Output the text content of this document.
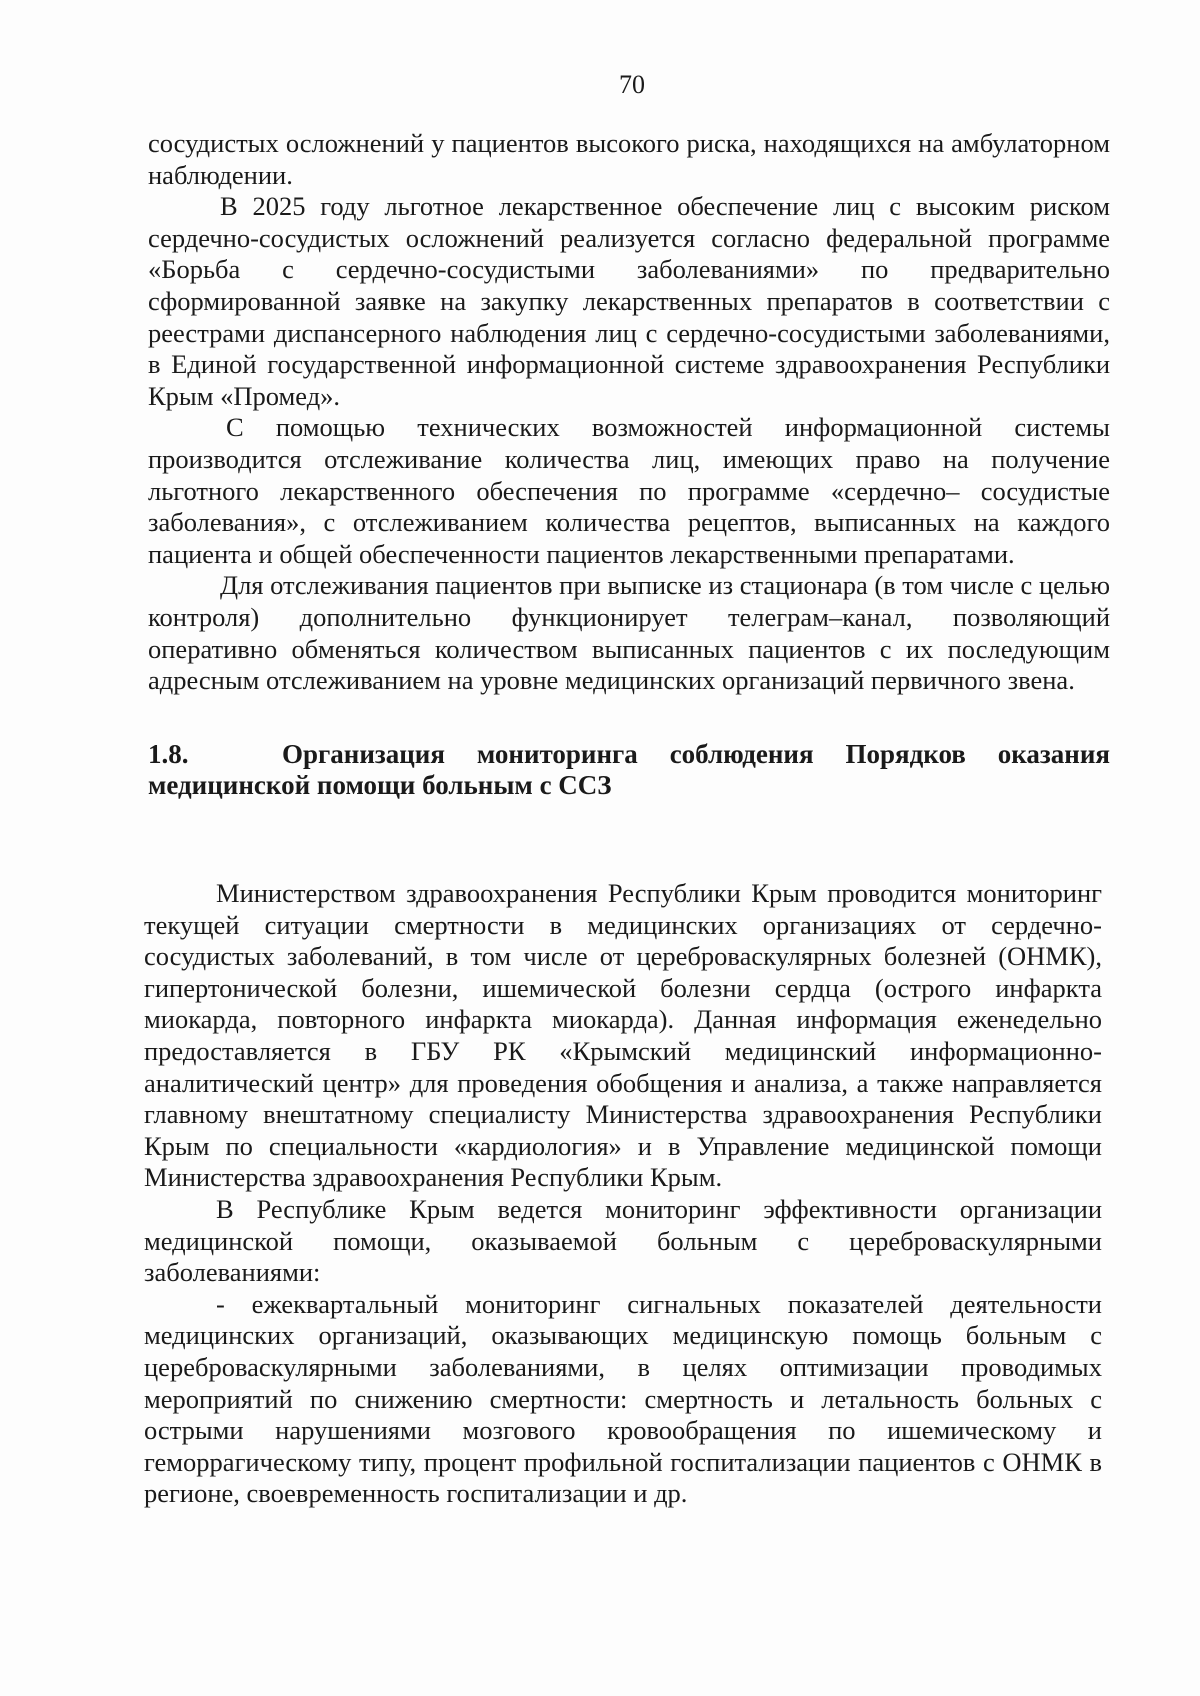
70

сосудистых осложнений у пациентов высокого риска, находящихся на амбулаторном наблюдении.

В 2025 году льготное лекарственное обеспечение лиц с высоким риском сердечно-сосудистых осложнений реализуется согласно федеральной программе «Борьба с сердечно-сосудистыми заболеваниями» по предварительно сформированной заявке на закупку лекарственных препаратов в соответствии с реестрами диспансерного наблюдения лиц с сердечно-сосудистыми заболеваниями, в Единой государственной информационной системе здравоохранения Республики Крым «Промед».

С помощью технических возможностей информационной системы производится отслеживание количества лиц, имеющих право на получение льготного лекарственного обеспечения по программе «сердечно– сосудистые заболевания», с отслеживанием количества рецептов, выписанных на каждого пациента и общей обеспеченности пациентов лекарственными препаратами.

Для отслеживания пациентов при выписке из стационара (в том числе с целью контроля) дополнительно функционирует телеграм–канал, позволяющий оперативно обменяться количеством выписанных пациентов с их последующим адресным отслеживанием на уровне медицинских организаций первичного звена.

1.8.	Организация мониторинга соблюдения Порядков оказания медицинской помощи больным с ССЗ

Министерством здравоохранения Республики Крым проводится мониторинг текущей ситуации смертности в медицинских организациях от сердечно-сосудистых заболеваний, в том числе от цереброваскулярных болезней (ОНМК), гипертонической болезни, ишемической болезни сердца (острого инфаркта миокарда, повторного инфаркта миокарда). Данная информация еженедельно предоставляется в ГБУ РК «Крымский медицинский информационно-аналитический центр» для проведения обобщения и анализа, а также направляется главному внештатному специалисту Министерства здравоохранения Республики Крым по специальности «кардиология» и в Управление медицинской помощи Министерства здравоохранения Республики Крым.

В Республике Крым ведется мониторинг эффективности организации медицинской помощи, оказываемой больным с цереброваскулярными заболеваниями:

- ежеквартальный мониторинг сигнальных показателей деятельности медицинских организаций, оказывающих медицинскую помощь больным с цереброваскулярными заболеваниями, в целях оптимизации проводимых мероприятий по снижению смертности: смертность и летальность больных с острыми нарушениями мозгового кровообращения по ишемическому и геморрагическому типу, процент профильной госпитализации пациентов с ОНМК в регионе, своевременность госпитализации и др.
